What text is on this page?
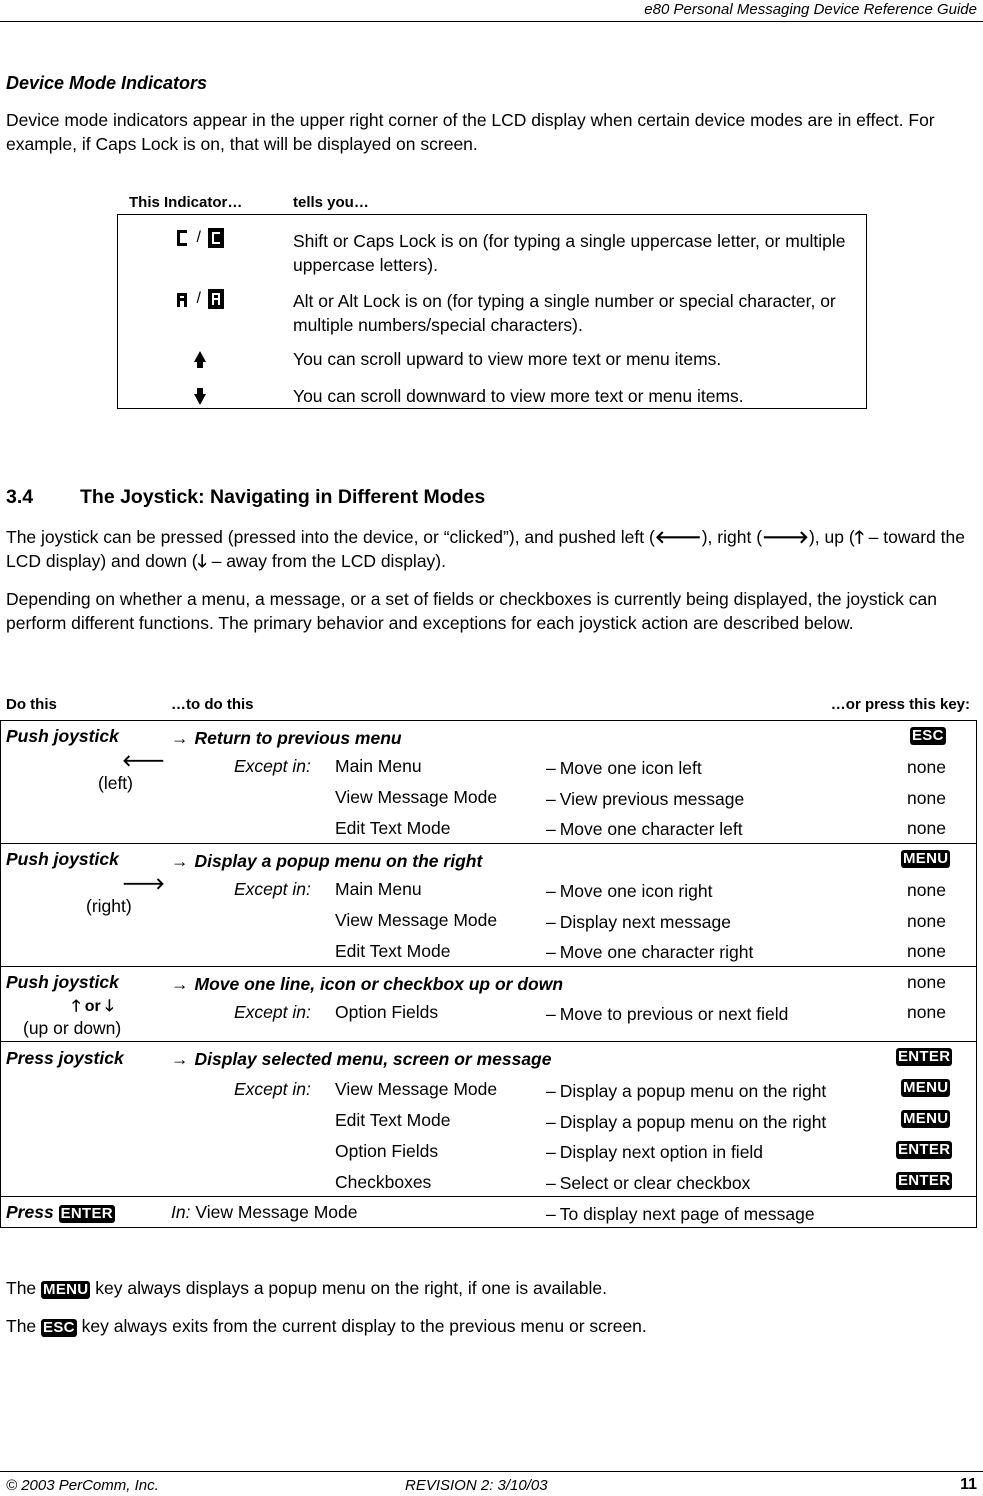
e80 Personal Messaging Device Reference Guide
Device Mode Indicators
Device mode indicators appear in the upper right corner of the LCD display when certain device modes are in effect. For example, if Caps Lock is on, that will be displayed on screen.
This Indicator…	tells you…
/	Shift or Caps Lock is on (for typing a single uppercase letter, or multiple uppercase letters).
/	Alt or Alt Lock is on (for typing a single number or special character, or multiple numbers/special characters).
You can scroll upward to view more text or menu items.
You can scroll downward to view more text or menu items.
3.4 The Joystick: Navigating in Different Modes
The joystick can be pressed (pressed into the device, or “clicked”), and pushed left (🡐), right (🡒), up (🡑 – toward the LCD display) and down (🡓 – away from the LCD display).
Depending on whether a menu, a message, or a set of fields or checkboxes is currently being displayed, the joystick can perform different functions. The primary behavior and exceptions for each joystick action are described below.
Do this	…to do this	…or press this key:
Push joystick
🡐
(left)
→ Return to previous menu	ESC
Except in: Main Menu	– Move one icon left	none
View Message Mode	– View previous message	none
Edit Text Mode	– Move one character left	none
Push joystick
🡒
(right)
→ Display a popup menu on the right	MENU
Except in: Main Menu	– Move one icon right	none
View Message Mode	– Display next message	none
Edit Text Mode	– Move one character right	none
Push joystick
🡑 or 🡓
(up or down)
→ Move one line, icon or checkbox up or down	none
Except in: Option Fields	– Move to previous or next field	none
Press joystick	→ Display selected menu, screen or message	ENTER
Except in: View Message Mode	– Display a popup menu on the right	MENU
Edit Text Mode	– Display a popup menu on the right	MENU
Option Fields	– Display next option in field	ENTER
Checkboxes	– Select or clear checkbox	ENTER
Press ENTER	In: View Message Mode	– To display next page of message
The MENU key always displays a popup menu on the right, if one is available.
The ESC key always exits from the current display to the previous menu or screen.
© 2003 PerComm, Inc.	REVISION 2: 3/10/03	11
